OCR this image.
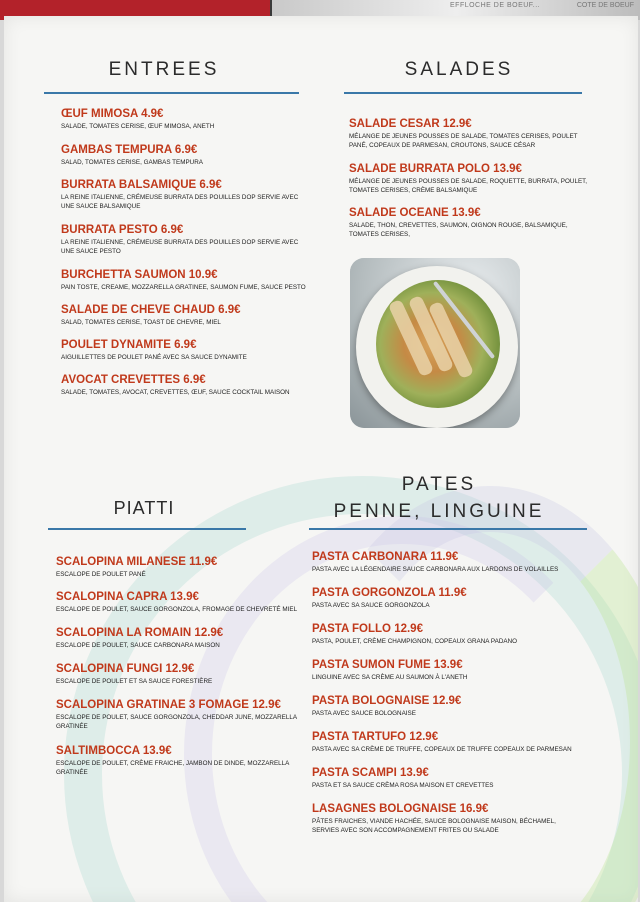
EFFLOCHE DE BOEUF...	COTE DE BOEUF
ENTREES
ŒUF MIMOSA 4.9€
SALADE, TOMATES CERISE, ŒUF MIMOSA, ANETH
GAMBAS TEMPURA 6.9€
SALAD, TOMATES CERISE, GAMBAS TEMPURA
BURRATA BALSAMIQUE 6.9€
LA REINE ITALIENNE, CRÉMEUSE BURRATA DES POUILLES DOP SERVIE AVEC UNE SAUCE BALSAMIQUE
BURRATA PESTO 6.9€
LA REINE ITALIENNE, CRÉMEUSE BURRATA DES POUILLES DOP SERVIE AVEC UNE SAUCE PESTO
BURCHETTA SAUMON 10.9€
PAIN TOSTE, CREAME, MOZZARELLA GRATINEE, SAUMON FUME, SAUCE PESTO
SALADE DE CHEVE CHAUD 6.9€
SALAD, TOMATES CERISE, TOAST DE CHEVRE, MIEL
POULET DYNAMITE 6.9€
AIGUILLETTES DE POULET PANÉ AVEC SA SAUCE DYNAMITE
AVOCAT CREVETTES 6.9€
SALADE, TOMATES, AVOCAT, CREVETTES, ŒUF, SAUCE COCKTAIL MAISON
SALADES
SALADE CESAR 12.9€
MÉLANGE DE JEUNES POUSSES DE SALADE, TOMATES CERISES, POULET PANÉ, COPEAUX DE PARMESAN, CROUTONS, SAUCE CÉSAR
SALADE BURRATA POLO 13.9€
MÉLANGE DE JEUNES POUSSES DE SALADE, ROQUETTE, BURRATA, POULET, TOMATES CERISES, CRÈME BALSAMIQUE
SALADE OCEANE 13.9€
SALADE, THON, CREVETTES, SAUMON, OIGNON ROUGE, BALSAMIQUE, TOMATES CERISES,
PIATTI
SCALOPINA MILANESE 11.9€
ESCALOPE DE POULET PANÉ
SCALOPINA CAPRA 13.9€
ESCALOPE DE POULET, SAUCE GORGONZOLA, FROMAGE DE CHEVRETÉ MIEL
SCALOPINA LA ROMAIN 12.9€
ESCALOPE DE POULET, SAUCE CARBONARA MAISON
SCALOPINA FUNGI 12.9€
ESCALOPE DE POULET ET SA SAUCE FORESTIÈRE
SCALOPINA GRATINAE 3 FOMAGE 12.9€
ESCALOPE DE POULET, SAUCE GORGONZOLA, CHEDDAR JUNE, MOZZARELLA GRATINÉE
SALTIMBOCCA 13.9€
ESCALOPE DE POULET, CRÈME FRAICHE, JAMBON DE DINDE, MOZZARELLA GRATINÉE
PATES
PENNE, LINGUINE
PASTA CARBONARA 11.9€
PASTA AVEC LA LÉGENDAIRE SAUCE CARBONARA AUX LARDONS DE VOLAILLES
PASTA GORGONZOLA 11.9€
PASTA AVEC SA SAUCE GORGONZOLA
PASTA FOLLO 12.9€
PASTA, POULET, CRÈME CHAMPIGNON, COPEAUX GRANA PADANO
PASTA SUMON FUME 13.9€
LINGUINE AVEC SA CRÈME AU SAUMON À L'ANETH
PASTA BOLOGNAISE 12.9€
PASTA AVEC SAUCE BOLOGNAISE
PASTA TARTUFO 12.9€
PASTA AVEC SA CRÈME DE TRUFFE, COPEAUX DE TRUFFE COPEAUX DE PARMESAN
PASTA SCAMPI 13.9€
PASTA ET SA SAUCE CRÈMA ROSA MAISON ET CREVETTES
LASAGNES BOLOGNAISE 16.9€
PÂTES FRAICHES, VIANDE HACHÉE, SAUCE BOLOGNAISE MAISON, BÉCHAMEL, SERVIES AVEC SON ACCOMPAGNEMENT FRITES OU SALADE
